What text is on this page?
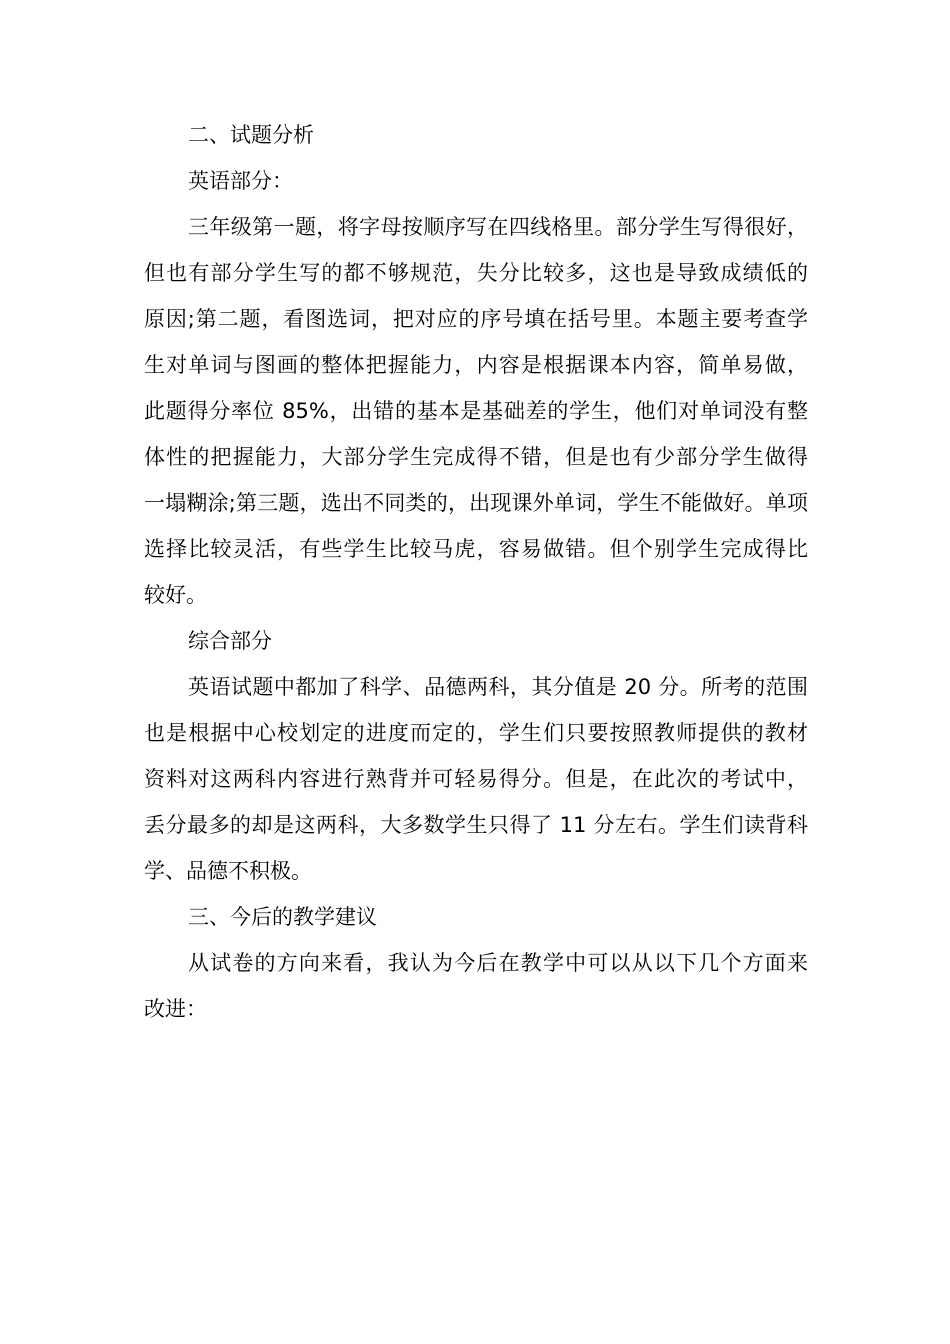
二、试题分析
英语部分：
三年级第一题，将字母按顺序写在四线格里。部分学生写得很好，
但也有部分学生写的都不够规范，失分比较多，这也是导致成绩低的
原因;第二题，看图选词，把对应的序号填在括号里。本题主要考查学
生对单词与图画的整体把握能力，内容是根据课本内容，简单易做，
此题得分率位 85%，出错的基本是基础差的学生，他们对单词没有整
体性的把握能力，大部分学生完成得不错，但是也有少部分学生做得
一塌糊涂;第三题，选出不同类的，出现课外单词，学生不能做好。单项
选择比较灵活，有些学生比较马虎，容易做错。但个别学生完成得比
较好。
综合部分
英语试题中都加了科学、品德两科，其分值是 20 分。所考的范围
也是根据中心校划定的进度而定的，学生们只要按照教师提供的教材
资料对这两科内容进行熟背并可轻易得分。但是，在此次的考试中，
丢分最多的却是这两科，大多数学生只得了 11 分左右。学生们读背科
学、品德不积极。
三、今后的教学建议
从试卷的方向来看，我认为今后在教学中可以从以下几个方面来
改进：
